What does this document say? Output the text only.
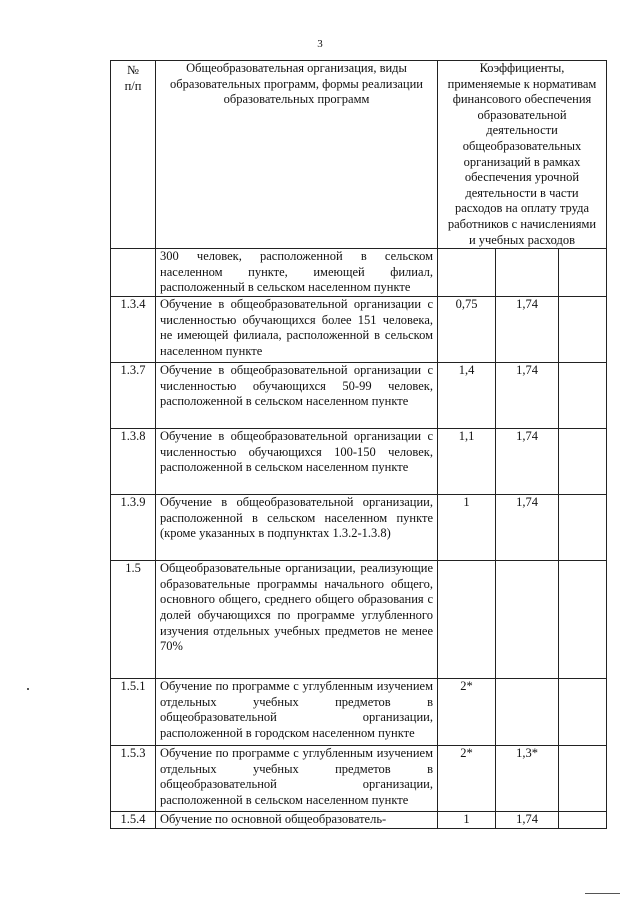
3
№
п/п	Общеобразовательная организация, виды образовательных программ, формы реализации образовательных программ	Коэффициенты, применяемые к нормативам финансового обеспечения образовательной деятельности общеобразовательных организаций в рамках обеспечения урочной деятельности в части расходов на оплату труда работников с начислениями и учебных расходов		
	300 человек, расположенной в сельском населенном пункте, имеющей филиал, расположенный в сельском населенном пункте			
1.3.4	Обучение в общеобразовательной организации с численностью обучающихся более 151 человека, не имеющей филиала, расположенной в сельском населенном пункте	0,75	1,74	
1.3.7	Обучение в общеобразовательной организации с численностью обучающихся 50-99 человек, расположенной в сельском населенном пункте	1,4	1,74	
1.3.8	Обучение в общеобразовательной организации с численностью обучающихся 100-150 человек, расположенной в сельском населенном пункте	1,1	1,74	
1.3.9	Обучение в общеобразовательной организации, расположенной в сельском населенном пункте (кроме указанных в подпунктах 1.3.2-1.3.8)	1	1,74	
1.5	Общеобразовательные организации, реализующие образовательные программы начального общего, основного общего, среднего общего образования с долей обучающихся по программе углубленного изучения отдельных учебных предметов не менее 70%			
1.5.1	Обучение по программе с углубленным изучением отдельных учебных предметов в общеобразовательной организации, расположенной в городском населенном пункте	2*		
1.5.3	Обучение по программе с углубленным изучением отдельных учебных предметов в общеобразовательной организации, расположенной в сельском населенном пункте	2*	1,3*	
1.5.4	Обучение по основной общеобразователь-	1	1,74	
